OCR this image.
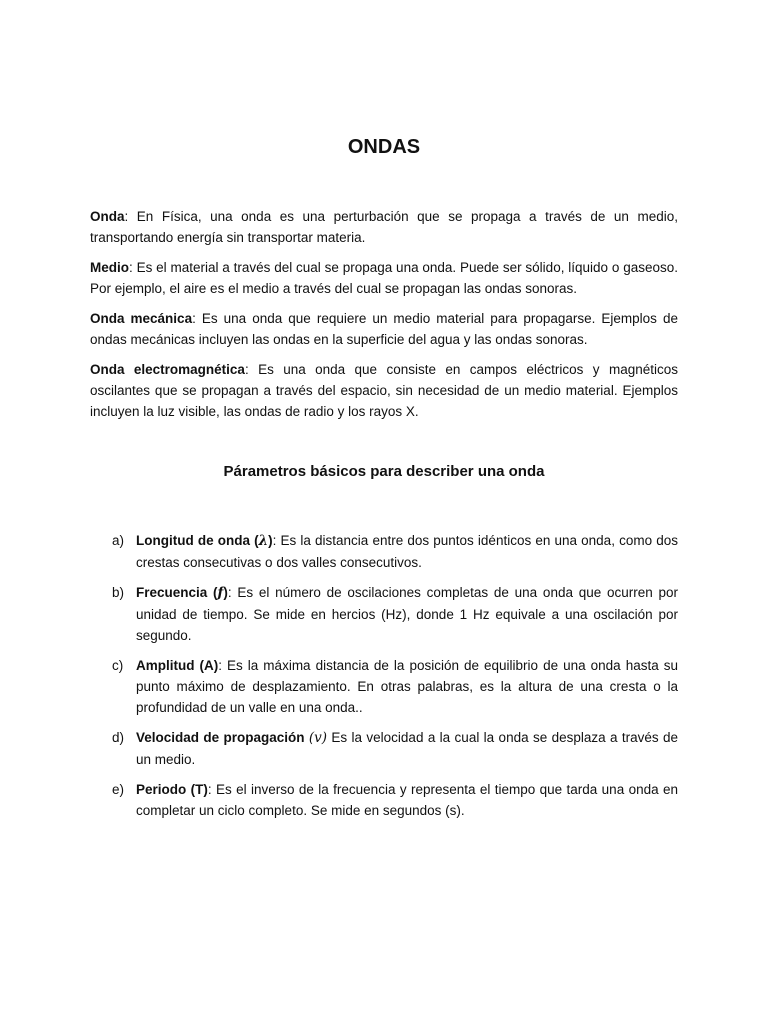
ONDAS

Onda: En Física, una onda es una perturbación que se propaga a través de un medio, transportando energía sin transportar materia.

Medio: Es el material a través del cual se propaga una onda. Puede ser sólido, líquido o gaseoso. Por ejemplo, el aire es el medio a través del cual se propagan las ondas sonoras.

Onda mecánica: Es una onda que requiere un medio material para propagarse. Ejemplos de ondas mecánicas incluyen las ondas en la superficie del agua y las ondas sonoras.

Onda electromagnética: Es una onda que consiste en campos eléctricos y magnéticos oscilantes que se propagan a través del espacio, sin necesidad de un medio material. Ejemplos incluyen la luz visible, las ondas de radio y los rayos X.

Párametros básicos para describer una onda
a) Longitud de onda (λ): Es la distancia entre dos puntos idénticos en una onda, como dos crestas consecutivas o dos valles consecutivos.
b) Frecuencia (f): Es el número de oscilaciones completas de una onda que ocurren por unidad de tiempo. Se mide en hercios (Hz), donde 1 Hz equivale a una oscilación por segundo.
c) Amplitud (A): Es la máxima distancia de la posición de equilibrio de una onda hasta su punto máximo de desplazamiento. En otras palabras, es la altura de una cresta o la profundidad de un valle en una onda..
d) Velocidad de propagación (v) Es la velocidad a la cual la onda se desplaza a través de un medio.
e) Periodo (T): Es el inverso de la frecuencia y representa el tiempo que tarda una onda en completar un ciclo completo. Se mide en segundos (s).
